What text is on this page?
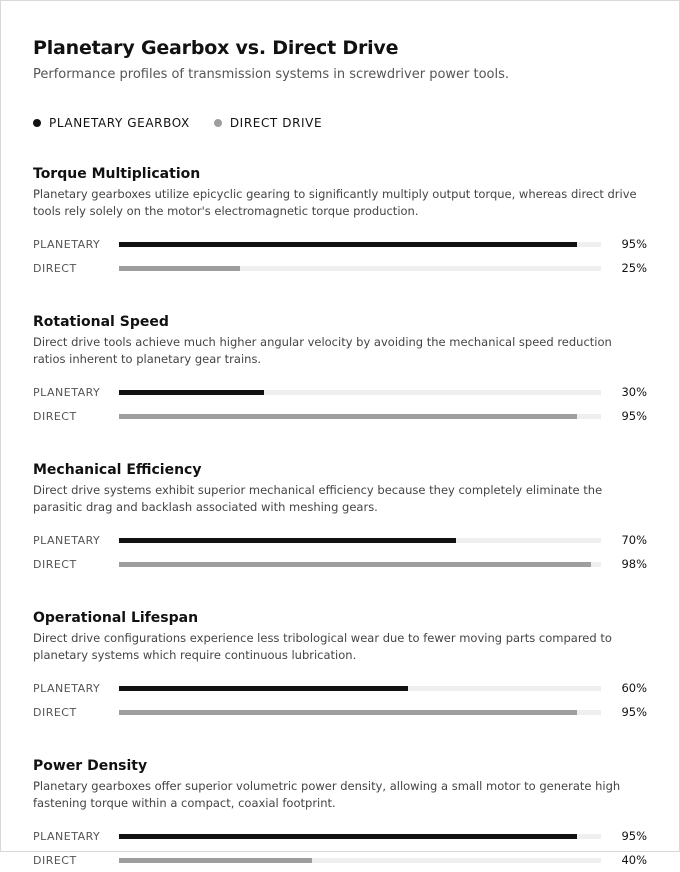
Planetary Gearbox vs. Direct Drive
Performance profiles of transmission systems in screwdriver power tools.
PLANETARY GEARBOX	DIRECT DRIVE
Torque Multiplication
Planetary gearboxes utilize epicyclic gearing to significantly multiply output torque, whereas direct drive tools rely solely on the motor's electromagnetic torque production.
PLANETARY	95%
DIRECT	25%
Rotational Speed
Direct drive tools achieve much higher angular velocity by avoiding the mechanical speed reduction ratios inherent to planetary gear trains.
PLANETARY	30%
DIRECT	95%
Mechanical Efficiency
Direct drive systems exhibit superior mechanical efficiency because they completely eliminate the parasitic drag and backlash associated with meshing gears.
PLANETARY	70%
DIRECT	98%
Operational Lifespan
Direct drive configurations experience less tribological wear due to fewer moving parts compared to planetary systems which require continuous lubrication.
PLANETARY	60%
DIRECT	95%
Power Density
Planetary gearboxes offer superior volumetric power density, allowing a small motor to generate high fastening torque within a compact, coaxial footprint.
PLANETARY	95%
DIRECT	40%
